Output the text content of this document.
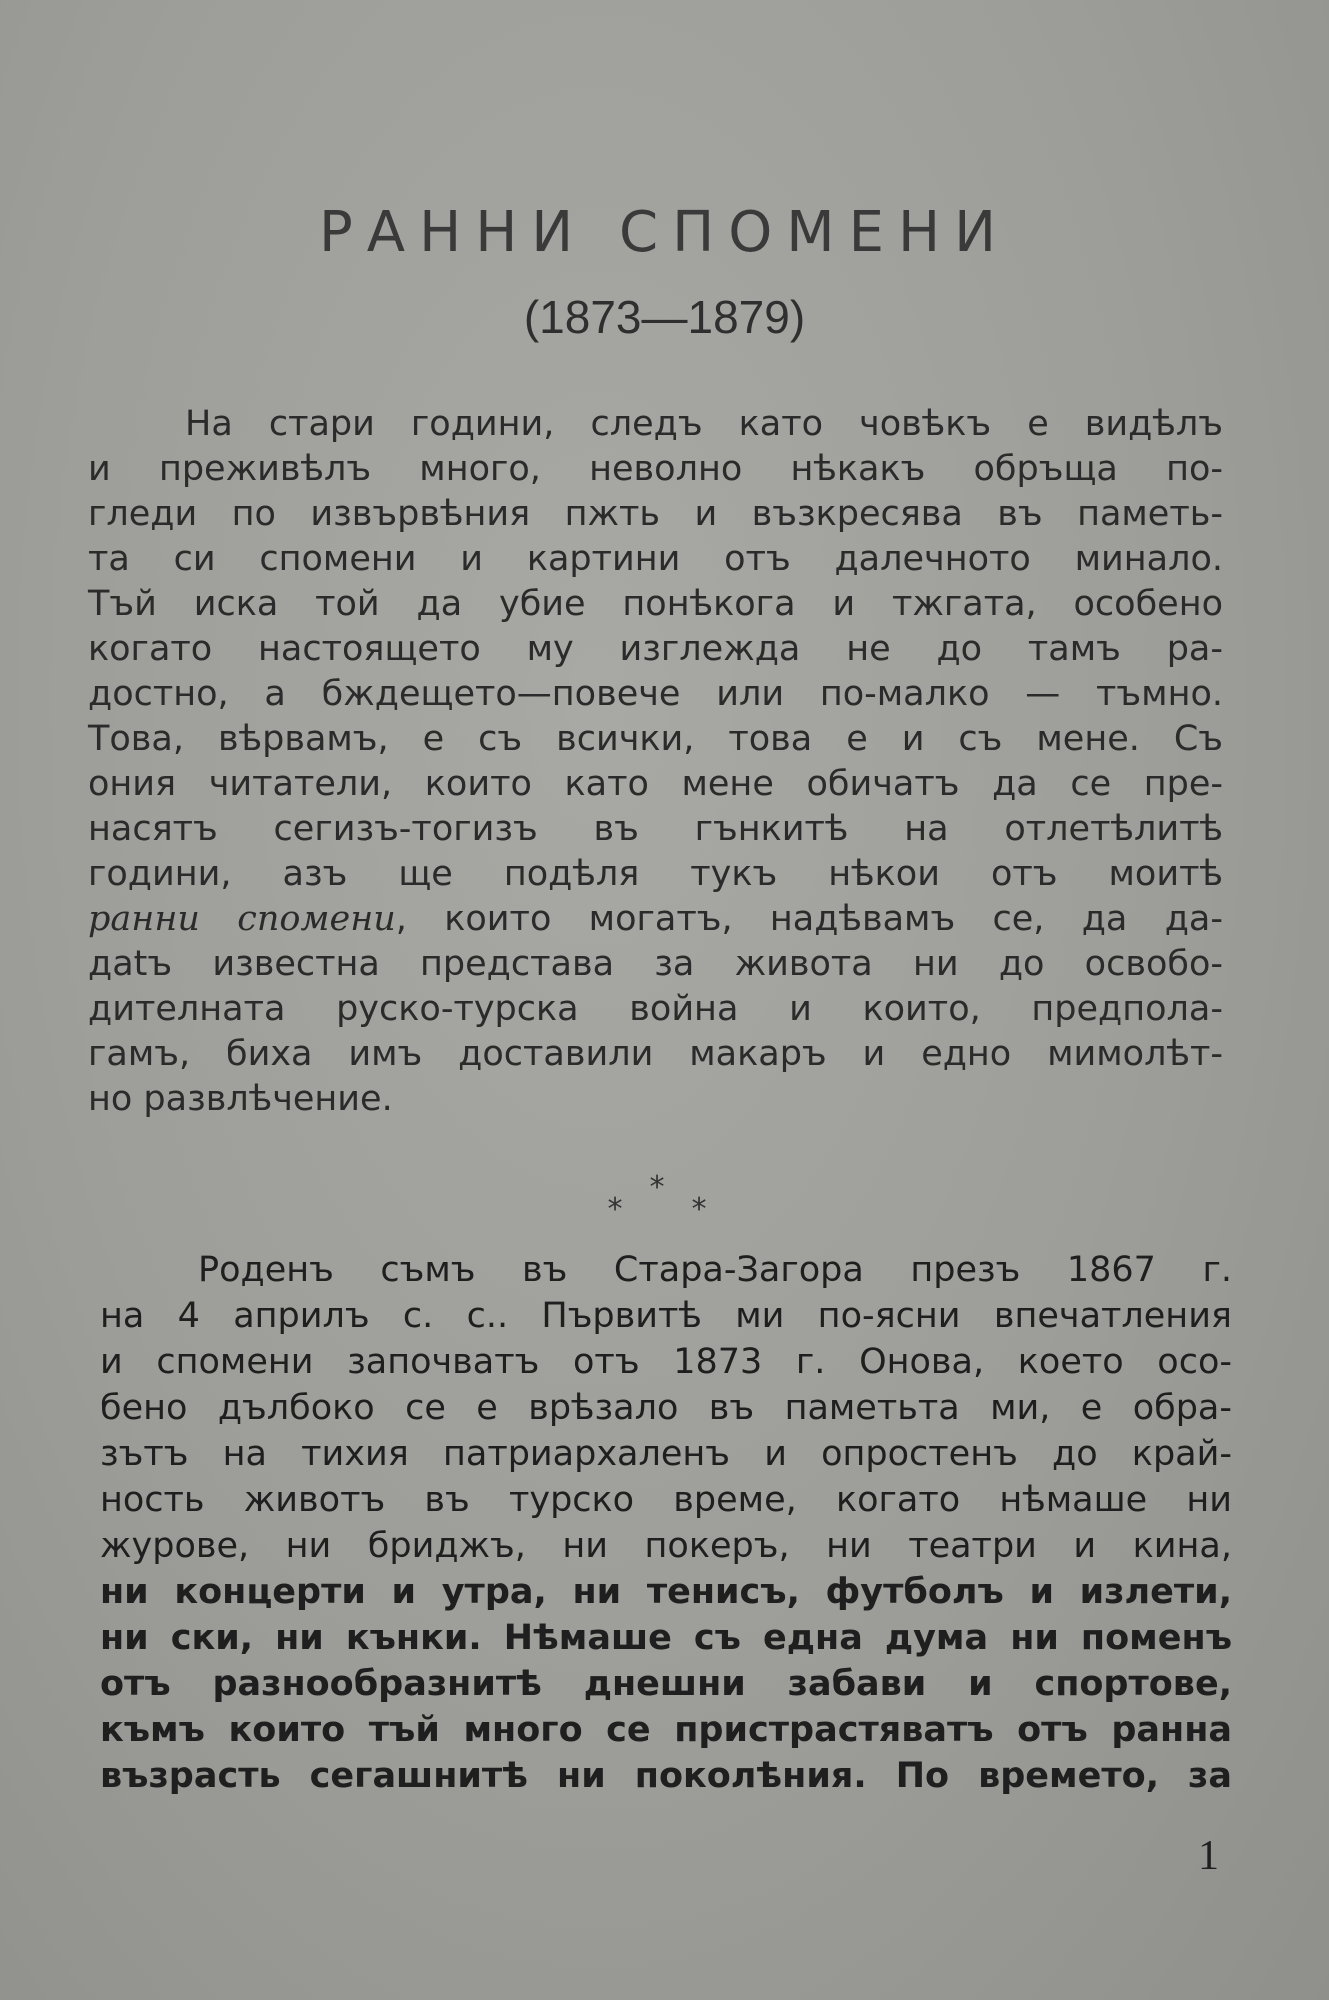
РАННИ СПОМЕНИ
(1873—1879)
На стари години, следъ като човѣкъ е видѣлъ
и преживѣлъ много, неволно нѣкакъ обръща по-
гледи по извървѣния пжть и възкресява въ паметь-
та си спомени и картини отъ далечното минало.
Тъй иска той да убие понѣкога и тжгата, особено
когато настоящето му изглежда не до тамъ ра-
достно, а бждещето—повече или по-малко — тъмно.
Това, вѣрвамъ, е съ всички, това е и съ мене. Съ
ония читатели, които като мене обичатъ да се пре-
насятъ сегизъ-тогизъ въ гънкитѣ на отлетѣлитѣ
години, азъ ще подѣля тукъ нѣкои отъ моитѣ
ранни спомени, които могатъ, надѣвамъ се, да да-
дatъ известна представа за живота ни до освобо-
дителната руско-турска война и които, предпола-
гамъ, биха имъ доставили макаръ и едно мимолѣт-
но развлѣчение.
*
*
*
Роденъ съмъ въ Стара-Загора презъ 1867 г.
на 4 априлъ с. с.. Първитѣ ми по-ясни впечатления
и спомени започватъ отъ 1873 г. Онова, което осо-
бено дълбоко се е врѣзало въ паметьта ми, е обра-
зътъ на тихия патриархаленъ и опростенъ до край-
ность животъ въ турско време, когато нѣмаше ни
журове, ни бриджъ, ни покеръ, ни театри и кина,
ни концерти и утра, ни тенисъ, футболъ и излети,
ни ски, ни кънки. Нѣмаше съ една дума ни поменъ
отъ разнообразнитѣ днешни забави и спортове,
къмъ които тъй много се пристрастяватъ отъ ранна
възрасть сегашнитѣ ни поколѣния. По времето, за
1
